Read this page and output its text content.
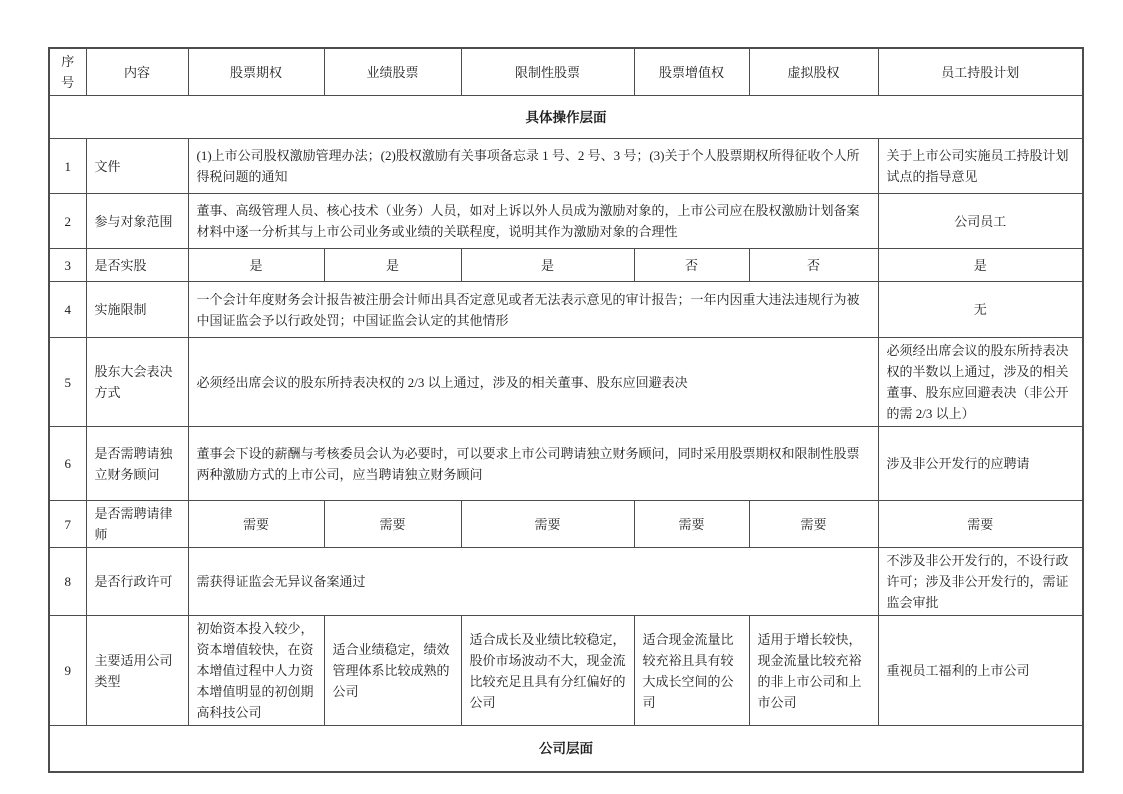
序号	内容	股票期权	业绩股票	限制性股票	股票增值权	虚拟股权	员工持股计划
具体操作层面							
1	文件	(1)上市公司股权激励管理办法；(2)股权激励有关事项备忘录 1 号、2 号、3 号；(3)关于个人股票期权所得征收个人所得税问题的通知					关于上市公司实施员工持股计划试点的指导意见
2	参与对象范围	董事、高级管理人员、核心技术（业务）人员，如对上诉以外人员成为激励对象的，上市公司应在股权激励计划备案材料中逐一分析其与上市公司业务或业绩的关联程度，说明其作为激励对象的合理性					公司员工
3	是否实股	是	是	是	否	否	是
4	实施限制	一个会计年度财务会计报告被注册会计师出具否定意见或者无法表示意见的审计报告；一年内因重大违法违规行为被中国证监会予以行政处罚；中国证监会认定的其他情形					无
5	股东大会表决方式	必须经出席会议的股东所持表决权的 2/3 以上通过，涉及的相关董事、股东应回避表决					必须经出席会议的股东所持表决权的半数以上通过，涉及的相关董事、股东应回避表决（非公开的需 2/3 以上）
6	是否需聘请独立财务顾问	董事会下设的薪酬与考核委员会认为必要时，可以要求上市公司聘请独立财务顾问，同时采用股票期权和限制性股票两种激励方式的上市公司，应当聘请独立财务顾问					涉及非公开发行的应聘请
7	是否需聘请律师	需要	需要	需要	需要	需要	需要
8	是否行政许可	需获得证监会无异议备案通过					不涉及非公开发行的，不设行政许可；涉及非公开发行的，需证监会审批
9	主要适用公司类型	初始资本投入较少，资本增值较快，在资本增值过程中人力资本增值明显的初创期高科技公司	适合业绩稳定，绩效管理体系比较成熟的公司	适合成长及业绩比较稳定，股价市场波动不大，现金流比较充足且具有分红偏好的公司	适合现金流量比较充裕且具有较大成长空间的公司	适用于增长较快，现金流量比较充裕的非上市公司和上市公司	重视员工福利的上市公司
公司层面							
